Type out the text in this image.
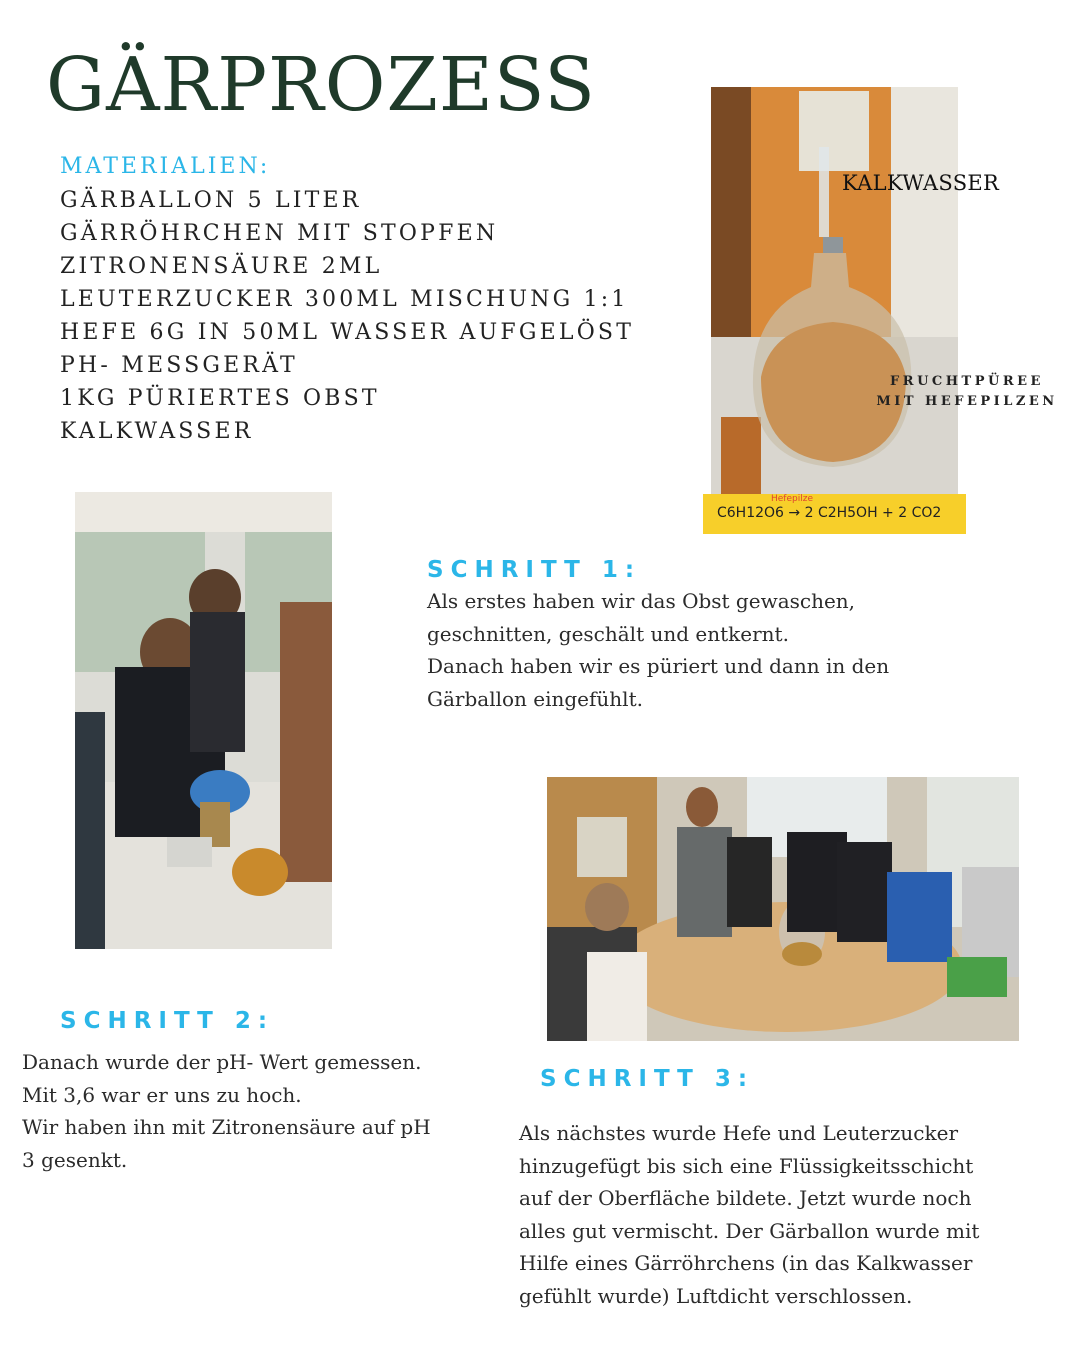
GÄRPROZESS
MATERIALIEN:
GÄRBALLON 5 LITER
GÄRRÖHRCHEN MIT STOPFEN
ZITRONENSÄURE 2ML
LEUTERZUCKER 300ML MISCHUNG 1:1
HEFE 6G IN 50ML WASSER AUFGELÖST
PH- MESSGERÄT
1KG PÜRIERTES OBST
KALKWASSER
KALKWASSER
FRUCHTPÜREE
MIT HEFEPILZEN
Hefepilze
C6H12O6 → 2 C2H5OH + 2 CO2
SCHRITT 1:

Als erstes haben wir das Obst gewaschen,
geschnitten, geschält und entkernt.
Danach haben wir es püriert und dann in den
Gärballon eingefühlt.

SCHRITT 2:

Danach wurde der pH- Wert gemessen.
Mit 3,6 war er uns zu hoch.
Wir haben ihn mit Zitronensäure auf pH
3 gesenkt.

SCHRITT 3:

Als nächstes wurde Hefe und Leuterzucker
hinzugefügt bis sich eine Flüssigkeitsschicht
auf der Oberfläche bildete. Jetzt wurde noch
alles gut vermischt. Der Gärballon wurde mit
Hilfe eines Gärröhrchens (in das Kalkwasser
gefühlt wurde) Luftdicht verschlossen.
